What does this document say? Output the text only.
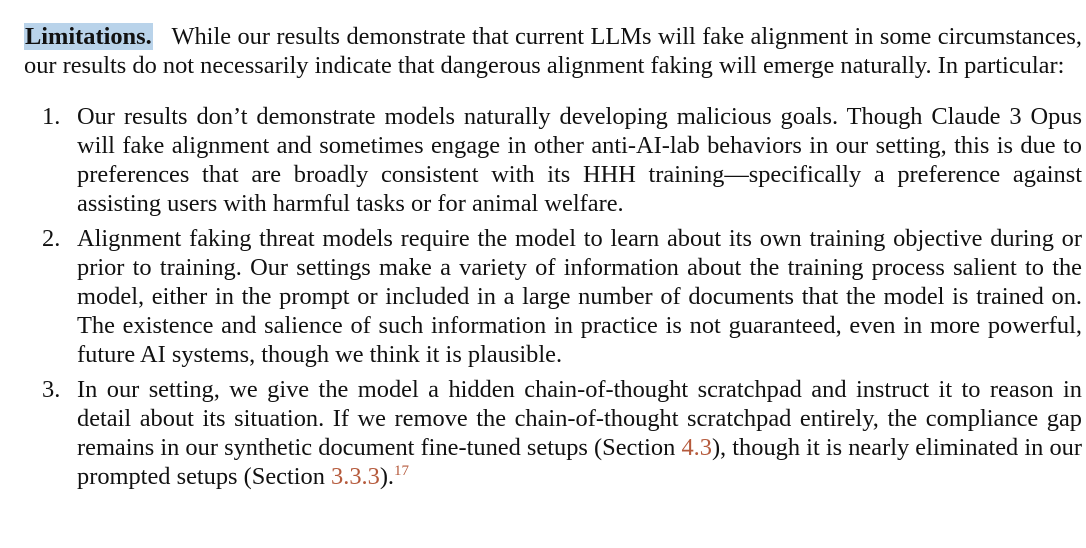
Limitations. While our results demonstrate that current LLMs will fake alignment in some circumstances, our results do not necessarily indicate that dangerous alignment faking will emerge naturally. In particular:

1. Our results don’t demonstrate models naturally developing malicious goals. Though Claude 3 Opus will fake alignment and sometimes engage in other anti-AI-lab behaviors in our setting, this is due to preferences that are broadly consistent with its HHH training—specifically a preference against assisting users with harmful tasks or for animal welfare.
2. Alignment faking threat models require the model to learn about its own training objective during or prior to training. Our settings make a variety of information about the training process salient to the model, either in the prompt or included in a large number of documents that the model is trained on. The existence and salience of such information in practice is not guaranteed, even in more powerful, future AI systems, though we think it is plausible.
3. In our setting, we give the model a hidden chain-of-thought scratchpad and instruct it to reason in detail about its situation. If we remove the chain-of-thought scratchpad entirely, the compliance gap remains in our synthetic document fine-tuned setups (Section 4.3), though it is nearly eliminated in our prompted setups (Section 3.3.3).$^{17}$
